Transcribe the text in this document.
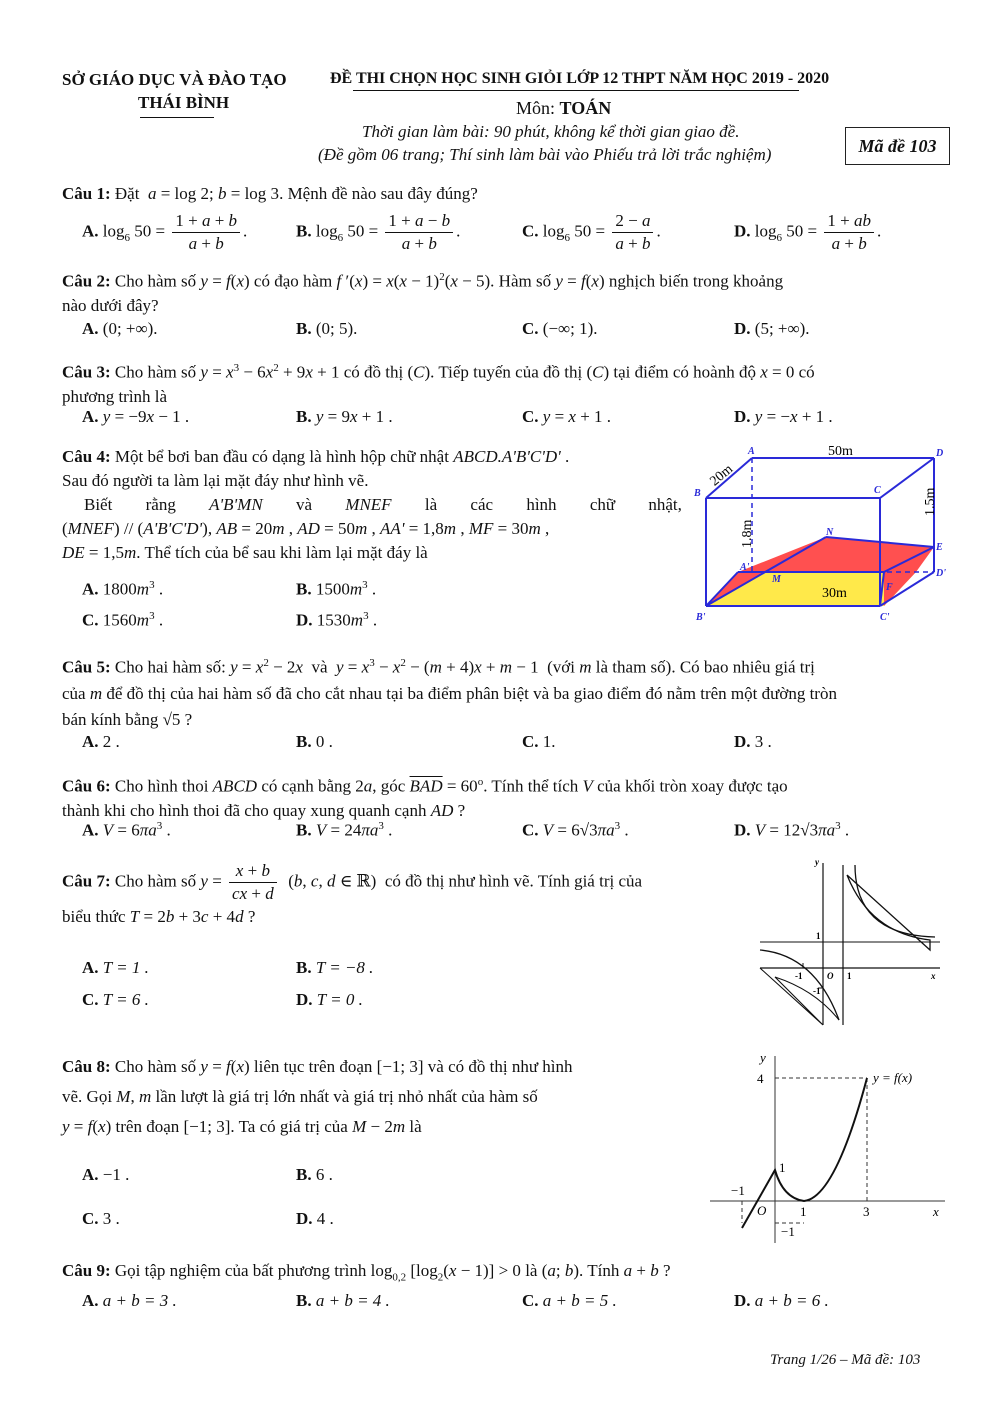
SỞ GIÁO DỤC VÀ ĐÀO TẠO
THÁI BÌNH
ĐỀ THI CHỌN HỌC SINH GIỎI LỚP 12 THPT NĂM HỌC 2019 - 2020
Môn: TOÁN
Thời gian làm bài: 90 phút, không kể thời gian giao đề.
(Đề gồm 06 trang; Thí sinh làm bài vào Phiếu trả lời trắc nghiệm)	Mã đề 103
Câu 1: Đặt a = log 2; b = log 3. Mệnh đề nào sau đây đúng?
A. $\log_6 50 = \frac{1 + a + b}{a + b}$ .	B. $\log_6 50 = \frac{1 + a - b}{a + b}$ .	C. $\log_6 50 = \frac{2 - a}{a + b}$ .	D. $\log_6 50 = \frac{1 + ab}{a + b}$ .
Câu 2: Cho hàm số y = f(x) có đạo hàm f $'(x) = x(x - 1)^2(x - 5)$. Hàm số y = f(x) nghịch biến trong khoảng
nào dưới đây?
A. (0; +∞).	B. (0; 5).	C. (−∞; 1).	D. (5; +∞).
Câu 3: Cho hàm số $y = x^3 - 6x^2 + 9x + 1$ có đồ thị (C). Tiếp tuyến của đồ thị (C) tại điểm có hoành độ x = 0 có
phương trình là
A. y = −9x − 1 .	B. y = 9x + 1 .	C. y = x + 1 .	D. y = −x + 1 .
Câu 4: Một bể bơi ban đầu có dạng là hình hộp chữ nhật ABCD.A'B'C'D' .
Sau đó người ta làm lại mặt đáy như hình vẽ.

Biết rằng A'B'MN và MNEF là các hình chữ nhật,
(MNEF) // (A'B'C'D'), AB = 20m , AD = 50m , AA' = 1,8m , MF = 30m ,
DE = 1,5m. Thể tích của bể sau khi làm lại mặt đáy là
A. $1800m^3$ .	B. $1500m^3$ .
C. $1560m^3$ .	D. $1530m^3$ .
50m
20m
1.8m
1.5m
30m
A
B	C
D
N
E
A'
D'
B'	C'
M
F
Câu 5: Cho hai hàm số: $y = x^2 - 2x$ và $y = x^3 - x^2 - (m + 4)x + m - 1$  (với m là tham số). Có bao nhiêu giá trị
của m để đồ thị của hai hàm số đã cho cắt nhau tại ba điểm phân biệt và ba giao điểm đó nằm trên một đường tròn
bán kính bằng √5 ?
A. 2 .	B. 0 .	C. 1.	D. 3 .
Câu 6: Cho hình thoi ABCD có cạnh bằng 2a, góc $\overline{BAD} = 60^o$. Tính thể tích V của khối tròn xoay được tạo
thành khi cho hình thoi đã cho quay xung quanh cạnh AD ?
A. $V = 6\pi a^3$ .	B. $V = 24\pi a^3$ .	C. $V = 6√3\pi a^3$ .	D. $V = 12√3\pi a^3$ .
Câu 7: Cho hàm số $y = \frac{x + b}{cx + d} (b$, c, d ∈ ℝ)  có đồ thị như hình vẽ. Tính giá trị của
biểu thức T = 2b + 3c + 4d ?
A. T = 1 .	B. T = −8 .
C. T = 6 .	D. T = 0 .
y
x
1
-1	O 1
-1
Câu 8: Cho hàm số y = f(x) liên tục trên đoạn [−1; 3] và có đồ thị như hình
vẽ. Gọi M, m lần lượt là giá trị lớn nhất và giá trị nhỏ nhất của hàm số
y = f(x) trên đoạn [−1; 3]. Ta có giá trị của M − 2m là
A. −1 .	B. 6 .
C. 3 .	D. 4 .
y
4	y = f(x)
1
−1
O	1	3	x
−1
Câu 9: Gọi tập nghiệm của bất phương trình $\log_{0,2} [\log_2(x - 1)] > 0$ là (a; b). Tính a + b ?
A. a + b = 3 .	B. a + b = 4 .	C. a + b = 5 .	D. a + b = 6 .
Trang 1/26 – Mã đề: 103
